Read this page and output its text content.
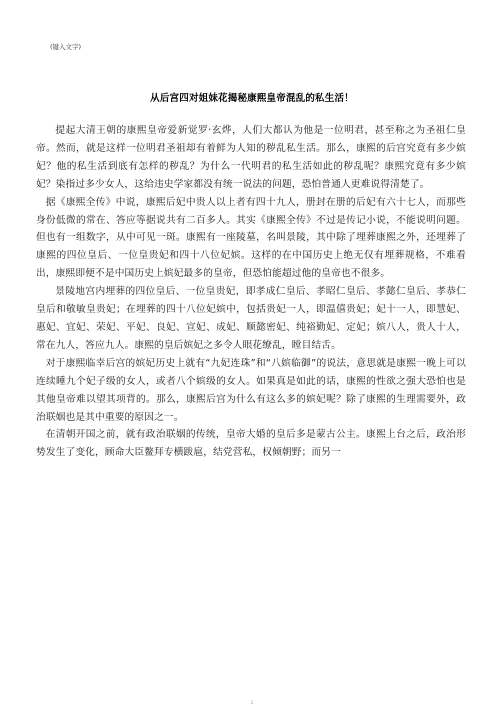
(键入文字)
从后宫四对姐妹花揭秘康熙皇帝混乱的私生活！

提起大清王朝的康熙皇帝爱新觉罗·玄烨，人们大都认为他是一位明君，甚至称之为圣祖仁皇帝。然而，就是这样一位明君圣祖却有着鲜为人知的秽乱私生活。那么，康熙的后宫究竟有多少嫔妃？他的私生活到底有怎样的秽乱？为什么一代明君的私生活如此的秽乱呢？康熙究竟有多少嫔妃？染指过多少女人，这给违史学家都没有统一说法的问题，恐怕普通人更难说得清楚了。

据《康熙全传》中说，康熙后妃中贵人以上者有四十九人，册封在册的后妃有六十七人，而那些身份低微的常在、答应等据说共有二百多人。其实《康熙全传》不过是传记小说，不能说明问题。但也有一组数字，从中可见一斑。康熙有一座陵墓，名叫景陵，其中除了埋葬康熙之外，还埋葬了康熙的四位皇后、一位皇贵妃和四十八位妃嫔。这样的在中国历史上绝无仅有埋葬规格，不难看出，康熙即便不是中国历史上嫔妃最多的皇帝，但恐怕能超过他的皇帝也不很多。

景陵地宫内埋葬的四位皇后、一位皇贵妃，即孝成仁皇后、孝昭仁皇后、孝懿仁皇后、孝恭仁皇后和敬敏皇贵妃；在埋葬的四十八位妃嫔中，包括贵妃一人，即温僖贵妃；妃十一人，即慧妃、惠妃、宜妃、荣妃、平妃、良妃、宣妃、成妃、顺懿密妃、纯裕勤妃、定妃；嫔八人，贵人十人，常在九人，答应九人。康熙的皇后嫔妃之多令人眼花缭乱，瞠目结舌。

对于康熙临幸后宫的嫔妃历史上就有“九妃连珠”和“八嫔临御”的说法，意思就是康熙一晚上可以连续睡九个妃子级的女人，或者八个嫔级的女人。如果真是如此的话，康熙的性欲之强大恐怕也是其他皇帝难以望其项背的。那么，康熙后宫为什么有这么多的嫔妃呢？除了康熙的生理需要外，政治联姻也是其中重要的原因之一。

在清朝开国之前，就有政治联姻的传统，皇帝大婚的皇后多是蒙古公主。康熙上台之后，政治形势发生了变化，顾命大臣鳌拜专横跋扈，结党营私，权倾朝野；而另一

1
